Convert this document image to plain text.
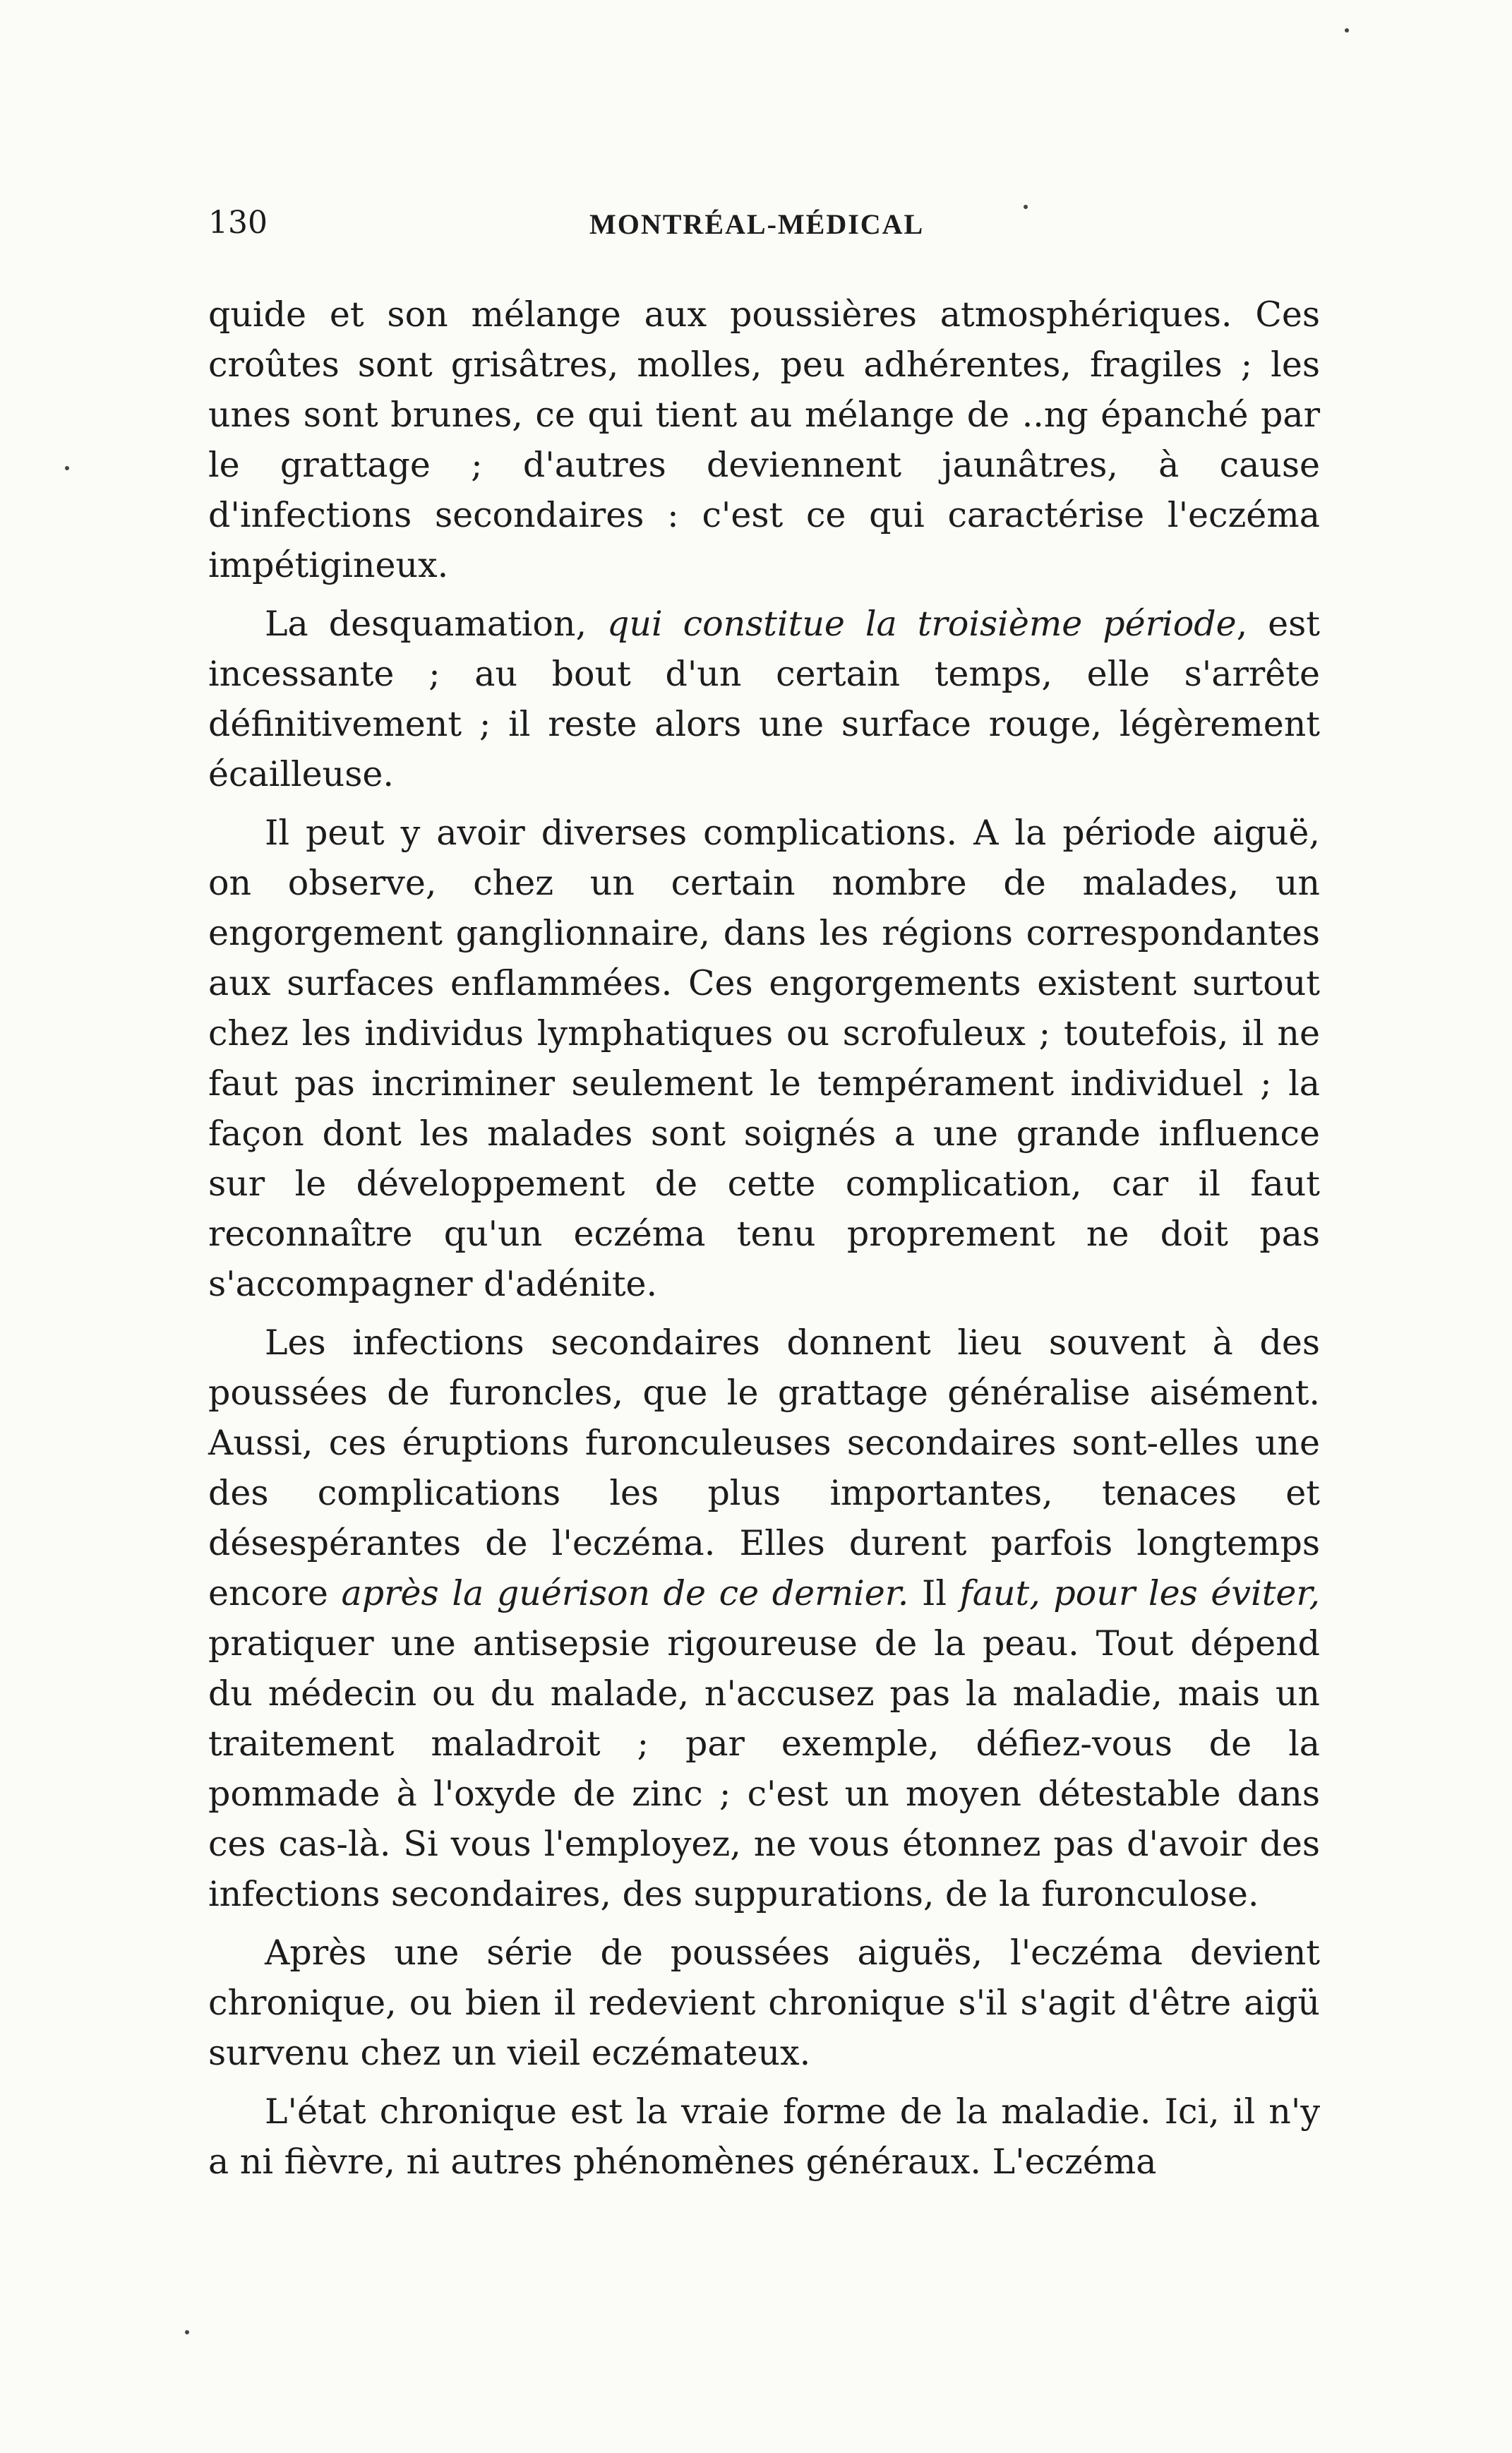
130	MONTRÉAL-MÉDICAL

quide et son mélange aux poussières atmosphériques. Ces croûtes sont grisâtres, molles, peu adhérentes, fragiles ; les unes sont brunes, ce qui tient au mélange de ..ng épanché par le grattage ; d'autres deviennent jaunâtres, à cause d'infections secondaires : c'est ce qui caractérise l'eczéma impétigineux.

La desquamation, qui constitue la troisième période, est incessante ; au bout d'un certain temps, elle s'arrête définitivement ; il reste alors une surface rouge, légèrement écailleuse.

Il peut y avoir diverses complications. A la période aiguë, on observe, chez un certain nombre de malades, un engorgement ganglionnaire, dans les régions correspondantes aux surfaces enflammées. Ces engorgements existent surtout chez les individus lymphatiques ou scrofuleux ; toutefois, il ne faut pas incriminer seulement le tempérament individuel ; la façon dont les malades sont soignés a une grande influence sur le développement de cette complication, car il faut reconnaître qu'un eczéma tenu proprement ne doit pas s'accompagner d'adénite.

Les infections secondaires donnent lieu souvent à des poussées de furoncles, que le grattage généralise aisément. Aussi, ces éruptions furonculeuses secondaires sont-elles une des complications les plus importantes, tenaces et désespérantes de l'eczéma. Elles durent parfois longtemps encore après la guérison de ce dernier. Il faut, pour les éviter, pratiquer une antisepsie rigoureuse de la peau. Tout dépend du médecin ou du malade, n'accusez pas la maladie, mais un traitement maladroit ; par exemple, défiez-vous de la pommade à l'oxyde de zinc ; c'est un moyen détestable dans ces cas-là. Si vous l'employez, ne vous étonnez pas d'avoir des infections secondaires, des suppurations, de la furonculose.

Après une série de poussées aiguës, l'eczéma devient chronique, ou bien il redevient chronique s'il s'agit d'être aigü survenu chez un vieil eczémateux.

L'état chronique est la vraie forme de la maladie. Ici, il n'y a ni fièvre, ni autres phénomènes généraux. L'eczéma
